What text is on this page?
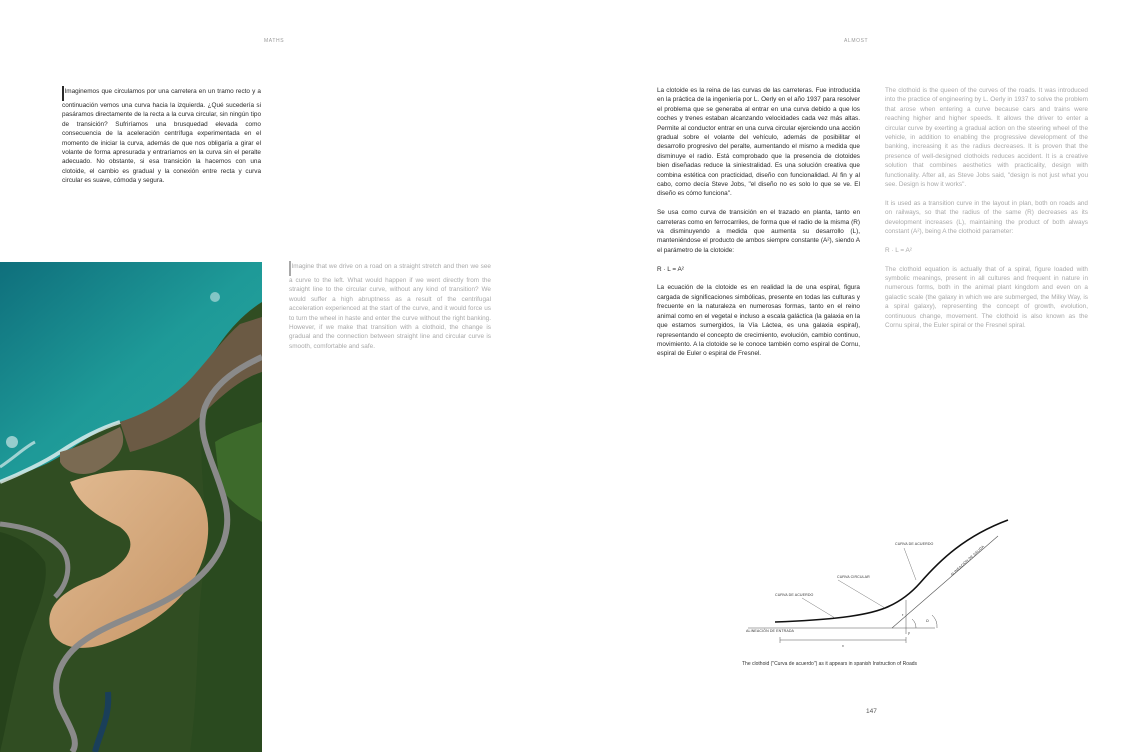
MATHS	ALMOST

Imaginemos que circulamos por una carretera en un tramo recto y a continuación vemos una curva hacia la izquierda. ¿Qué sucedería si pasáramos directamente de la recta a la curva circular, sin ningún tipo de transición? Sufriríamos una brusquedad elevada como consecuencia de la aceleración centrífuga experimentada en el momento de iniciar la curva, además de que nos obligaría a girar el volante de forma apresurada y entraríamos en la curva sin el peralte adecuado. No obstante, si esa transición la hacemos con una clotoide, el cambio es gradual y la conexión entre recta y curva circular es suave, cómoda y segura.

Imagine that we drive on a road on a straight stretch and then we see a curve to the left. What would happen if we went directly from the straight line to the circular curve, without any kind of transition? We would suffer a high abruptness as a result of the centrifugal acceleration experienced at the start of the curve, and it would force us to turn the wheel in haste and enter the curve without the right banking. However, if we make that transition with a clothoid, the change is gradual and the connection between straight line and circular curve is smooth, comfortable and safe.

La clotoide es la reina de las curvas de las carreteras. Fue introducida en la práctica de la ingeniería por L. Oerly en el año 1937 para resolver el problema que se generaba al entrar en una curva debido a que los coches y trenes estaban alcanzando velocidades cada vez más altas. Permite al conductor entrar en una curva circular ejerciendo una acción gradual sobre el volante del vehículo, además de posibilitar el desarrollo progresivo del peralte, aumentando el mismo a medida que disminuye el radio. Está comprobado que la presencia de clotoides bien diseñadas reduce la siniestralidad. Es una solución creativa que combina estética con practicidad, diseño con funcionalidad. Al fin y al cabo, como decía Steve Jobs, "el diseño no es solo lo que se ve. El diseño es cómo funciona".

Se usa como curva de transición en el trazado en planta, tanto en carreteras como en ferrocarriles, de forma que el radio de la misma (R) va disminuyendo a medida que aumenta su desarrollo (L), manteniéndose el producto de ambos siempre constante (A²), siendo A el parámetro de la clotoide:

R · L = A²

La ecuación de la clotoide es en realidad la de una espiral, figura cargada de significaciones simbólicas, presente en todas las culturas y frecuente en la naturaleza en numerosas formas, tanto en el reino animal como en el vegetal e incluso a escala galáctica (la galaxia en la que estamos sumergidos, la Vía Láctea, es una galaxia espiral), representando el concepto de crecimiento, evolución, cambio continuo, movimiento. A la clotoide se le conoce también como espiral de Cornu, espiral de Euler o espiral de Fresnel.

The clothoid is the queen of the curves of the roads. It was introduced into the practice of engineering by L. Oerly in 1937 to solve the problem that arose when entering a curve because cars and trains were reaching higher and higher speeds. It allows the driver to enter a circular curve by exerting a gradual action on the steering wheel of the vehicle, in addition to enabling the progressive development of the banking, increasing it as the radius decreases. It is proven that the presence of well-designed clothoids reduces accident. It is a creative solution that combines aesthetics with practicality, design with functionality. After all, as Steve Jobs said, "design is not just what you see. Design is how it works".

It is used as a transition curve in the layout in plan, both on roads and on railways, so that the radius of the same (R) decreases as its development increases (L), maintaining the product of both always constant (A²), being A the clothoid parameter:

R · L = A²

The clothoid equation is actually that of a spiral, figure loaded with symbolic meanings, present in all cultures and frequent in nature in numerous forms, both in the animal plant kingdom and even on a galactic scale (the galaxy in which we are submerged, the Milky Way, is a spiral galaxy), representing the concept of growth, evolution, continuous change, movement. The clothoid is also known as the Cornu spiral, the Euler spiral or the Fresnel spiral.

CURVA DE ACUERDO
ALINEACIÓN DE SALIDA
CURVA CIRCULAR
CURVA DE ACUERDO
ALINEACIÓN DE ENTRADA
x
y
Ω
τ
The clothoid ("Curva de acuerdo") as it appears in spanish Instruction of Roads
147
